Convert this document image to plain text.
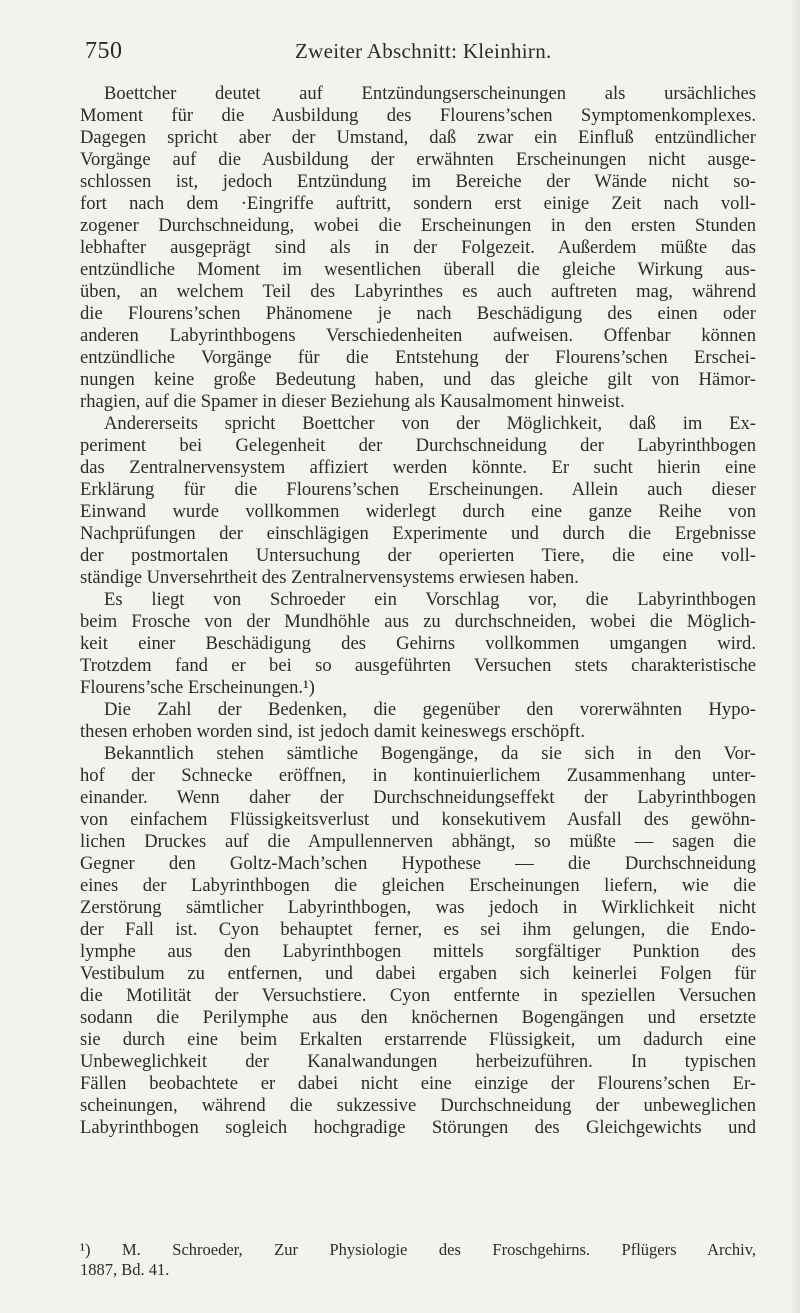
750	Zweiter Abschnitt: Kleinhirn.

Boettcher deutet auf Entzündungserscheinungen als ursächliches
Moment für die Ausbildung des Flourens’schen Symptomenkomplexes.
Dagegen spricht aber der Umstand, daß zwar ein Einfluß entzündlicher
Vorgänge auf die Ausbildung der erwähnten Erscheinungen nicht ausge-
schlossen ist, jedoch Entzündung im Bereiche der Wände nicht so-
fort nach dem ·Eingriffe auftritt, sondern erst einige Zeit nach voll-
zogener Durchschneidung, wobei die Erscheinungen in den ersten Stunden
lebhafter ausgeprägt sind als in der Folgezeit. Außerdem müßte das
entzündliche Moment im wesentlichen überall die gleiche Wirkung aus-
üben, an welchem Teil des Labyrinthes es auch auftreten mag, während
die Flourens’schen Phänomene je nach Beschädigung des einen oder
anderen Labyrinthbogens Verschiedenheiten aufweisen. Offenbar können
entzündliche Vorgänge für die Entstehung der Flourens’schen Erschei-
nungen keine große Bedeutung haben, und das gleiche gilt von Hämor-
rhagien, auf die Spamer in dieser Beziehung als Kausalmoment hinweist.

Andererseits spricht Boettcher von der Möglichkeit, daß im Ex-
periment bei Gelegenheit der Durchschneidung der Labyrinthbogen
das Zentralnervensystem affiziert werden könnte. Er sucht hierin eine
Erklärung für die Flourens’schen Erscheinungen. Allein auch dieser
Einwand wurde vollkommen widerlegt durch eine ganze Reihe von
Nachprüfungen der einschlägigen Experimente und durch die Ergebnisse
der postmortalen Untersuchung der operierten Tiere, die eine voll-
ständige Unversehrtheit des Zentralnervensystems erwiesen haben.

Es liegt von Schroeder ein Vorschlag vor, die Labyrinthbogen
beim Frosche von der Mundhöhle aus zu durchschneiden, wobei die Möglich-
keit einer Beschädigung des Gehirns vollkommen umgangen wird.
Trotzdem fand er bei so ausgeführten Versuchen stets charakteristische
Flourens’sche Erscheinungen.¹)

Die Zahl der Bedenken, die gegenüber den vorerwähnten Hypo-
thesen erhoben worden sind, ist jedoch damit keineswegs erschöpft.

Bekanntlich stehen sämtliche Bogengänge, da sie sich in den Vor-
hof der Schnecke eröffnen, in kontinuierlichem Zusammenhang unter-
einander. Wenn daher der Durchschneidungseffekt der Labyrinthbogen
von einfachem Flüssigkeitsverlust und konsekutivem Ausfall des gewöhn-
lichen Druckes auf die Ampullennerven abhängt, so müßte — sagen die
Gegner den Goltz-Mach’schen Hypothese — die Durchschneidung
eines der Labyrinthbogen die gleichen Erscheinungen liefern, wie die
Zerstörung sämtlicher Labyrinthbogen, was jedoch in Wirklichkeit nicht
der Fall ist. Cyon behauptet ferner, es sei ihm gelungen, die Endo-
lymphe aus den Labyrinthbogen mittels sorgfältiger Punktion des
Vestibulum zu entfernen, und dabei ergaben sich keinerlei Folgen für
die Motilität der Versuchstiere. Cyon entfernte in speziellen Versuchen
sodann die Perilymphe aus den knöchernen Bogengängen und ersetzte
sie durch eine beim Erkalten erstarrende Flüssigkeit, um dadurch eine
Unbeweglichkeit der Kanalwandungen herbeizuführen. In typischen
Fällen beobachtete er dabei nicht eine einzige der Flourens’schen Er-
scheinungen, während die sukzessive Durchschneidung der unbeweglichen
Labyrinthbogen sogleich hochgradige Störungen des Gleichgewichts und

¹) M. Schroeder, Zur Physiologie des Froschgehirns. Pflügers Archiv,
1887, Bd. 41.
